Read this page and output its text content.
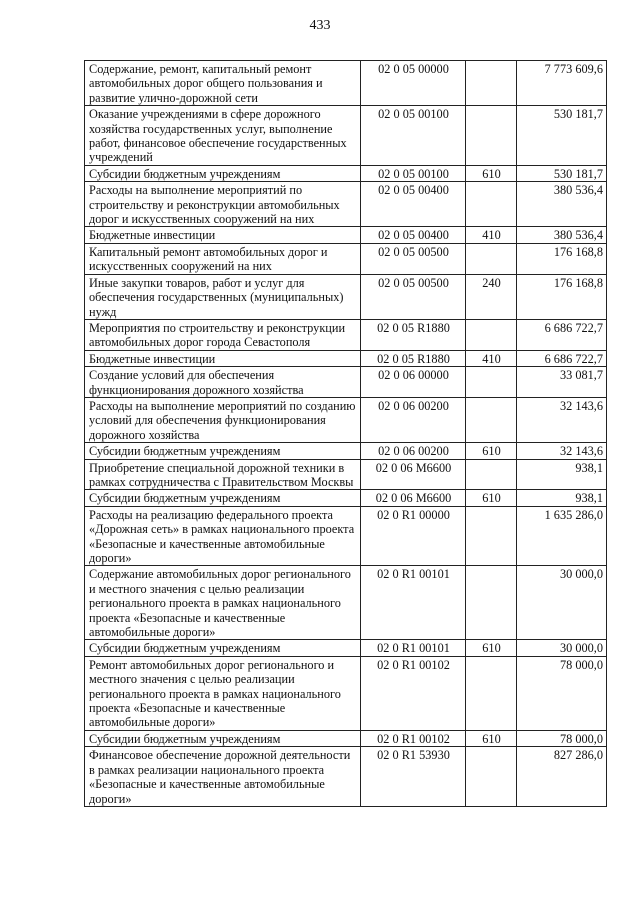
433
Содержание, ремонт, капитальный ремонт автомобильных дорог общего пользования и развитие улично-дорожной сети	02 0 05 00000		7 773 609,6
Оказание учреждениями в сфере дорожного хозяйства государственных услуг, выполнение работ, финансовое обеспечение государственных учреждений	02 0 05 00100		530 181,7
Субсидии бюджетным учреждениям	02 0 05 00100	610	530 181,7
Расходы на выполнение мероприятий по строительству и реконструкции автомобильных дорог и искусственных сооружений на них	02 0 05 00400		380 536,4
Бюджетные инвестиции	02 0 05 00400	410	380 536,4
Капитальный ремонт автомобильных дорог и искусственных сооружений на них	02 0 05 00500		176 168,8
Иные закупки товаров, работ и услуг для обеспечения государственных (муниципальных) нужд	02 0 05 00500	240	176 168,8
Мероприятия по строительству и реконструкции автомобильных дорог города Севастополя	02 0 05 R1880		6 686 722,7
Бюджетные инвестиции	02 0 05 R1880	410	6 686 722,7
Создание условий для обеспечения функционирования дорожного хозяйства	02 0 06 00000		33 081,7
Расходы на выполнение мероприятий по созданию условий для обеспечения функционирования дорожного хозяйства	02 0 06 00200		32 143,6
Субсидии бюджетным учреждениям	02 0 06 00200	610	32 143,6
Приобретение специальной дорожной техники в рамках сотрудничества с Правительством Москвы	02 0 06 M6600		938,1
Субсидии бюджетным учреждениям	02 0 06 M6600	610	938,1
Расходы на реализацию федерального проекта «Дорожная сеть» в рамках национального проекта «Безопасные и качественные автомобильные дороги»	02 0 R1 00000		1 635 286,0
Содержание автомобильных дорог регионального и местного значения с целью реализации регионального проекта в рамках национального проекта «Безопасные и качественные автомобильные дороги»	02 0 R1 00101		30 000,0
Субсидии бюджетным учреждениям	02 0 R1 00101	610	30 000,0
Ремонт автомобильных дорог регионального и местного значения с целью реализации регионального проекта в рамках национального проекта «Безопасные и качественные автомобильные дороги»	02 0 R1 00102		78 000,0
Субсидии бюджетным учреждениям	02 0 R1 00102	610	78 000,0
Финансовое обеспечение дорожной деятельности в рамках реализации национального проекта «Безопасные и качественные автомобильные дороги»	02 0 R1 53930		827 286,0
